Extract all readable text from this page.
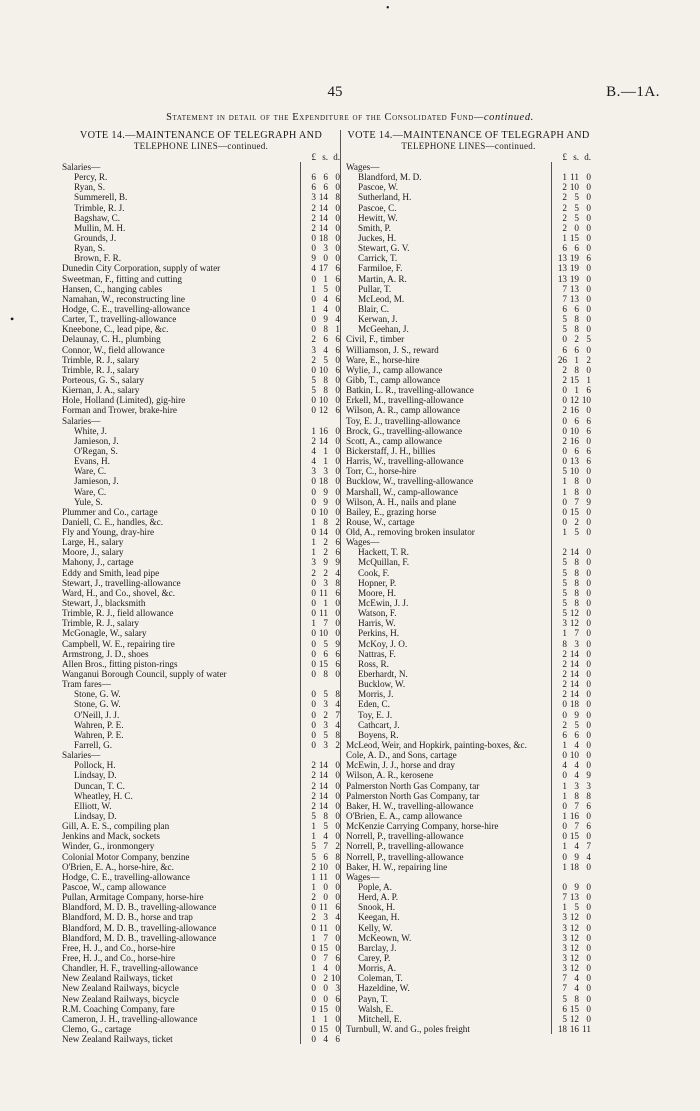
•
•
45	B.—1A.
Statement in detail of the Expenditure of the Consolidated Fund—continued.
VOTE 14.—MAINTENANCE OF TELEGRAPH AND
TELEPHONE LINES—continued.
£ s. d.
Salaries—
Percy, R.	6 6 0
Ryan, S.	6 6 0
Summerell, B.	3 14 8
Trimble, R. J.	2 14 0
Bagshaw, C.	2 14 0
Mullin, M. H.	2 14 0
Grounds, J.	0 18 0
Ryan, S.	0 3 0
Brown, F. R.	9 0 0
Dunedin City Corporation, supply of water	4 17 6
Sweetman, F., fitting and cutting	0 1 6
Hansen, C., hanging cables	1 5 0
Namahan, W., reconstructing line	0 4 6
Hodge, C. E., travelling-allowance	1 4 0
Carter, T., travelling-allowance	0 9 4
Kneebone, C., lead pipe, &c.	0 8 1
Delaunay, C. H., plumbing	2 6 6
Connor, W., field allowance	3 4 6
Trimble, R. J., salary	2 5 0
Trimble, R. J., salary	0 10 6
Porteous, G. S., salary	5 8 0
Kiernan, J. A., salary	5 8 0
Hole, Holland (Limited), gig-hire	0 10 0
Forman and Trower, brake-hire	0 12 6
Salaries—
White, J.	1 16 0
Jamieson, J.	2 14 0
O'Regan, S.	4 1 0
Evans, H.	4 1 0
Ware, C.	3 3 0
Jamieson, J.	0 18 0
Ware, C.	0 9 0
Yule, S.	0 9 0
Plummer and Co., cartage	0 10 0
Daniell, C. E., handles, &c.	1 8 2
Fly and Young, dray-hire	0 14 0
Large, H., salary	1 2 6
Moore, J., salary	1 2 6
Mahony, J., cartage	3 9 9
Eddy and Smith, lead pipe	2 2 4
Stewart, J., travelling-allowance	0 3 8
Ward, H., and Co., shovel, &c.	0 11 6
Stewart, J., blacksmith	0 1 0
Trimble, R. J., field allowance	0 11 0
Trimble, R. J., salary	1 7 0
McGonagle, W., salary	0 10 0
Campbell, W. E., repairing tire	0 5 9
Armstrong, J. D., shoes	0 6 6
Allen Bros., fitting piston-rings	0 15 6
Wanganui Borough Council, supply of water	0 8 0
Tram fares—
Stone, G. W.	0 5 8
Stone, G. W.	0 3 4
O'Neill, J. J.	0 2 7
Wahren, P. E.	0 3 4
Wahren, P. E.	0 5 8
Farrell, G.	0 3 2
Salaries—
Pollock, H.	2 14 0
Lindsay, D.	2 14 0
Duncan, T. C.	2 14 0
Wheatley, H. C.	2 14 0
Elliott, W.	2 14 0
Lindsay, D.	5 8 0
Gill, A. E. S., compiling plan	1 5 0
Jenkins and Mack, sockets	1 4 0
Winder, G., ironmongery	5 7 2
Colonial Motor Company, benzine	5 6 8
O'Brien, E. A., horse-hire, &c.	2 10 0
Hodge, C. E., travelling-allowance	1 11 0
Pascoe, W., camp allowance	1 0 0
Pullan, Armitage Company, horse-hire	2 0 0
Blandford, M. D. B., travelling-allowance	0 11 6
Blandford, M. D. B., horse and trap	2 3 4
Blandford, M. D. B., travelling-allowance	0 11 0
Blandford, M. D. B., travelling-allowance	1 7 0
Free, H. J., and Co., horse-hire	0 15 0
Free, H. J., and Co., horse-hire	0 7 6
Chandler, H. F., travelling-allowance	1 4 0
New Zealand Railways, ticket	0 2 10
New Zealand Railways, bicycle	0 0 3
New Zealand Railways, bicycle	0 0 6
R.M. Coaching Company, fare	0 15 0
Cameron, J. H., travelling-allowance	1 1 0
Clemo, G., cartage	0 15 0
New Zealand Railways, ticket	0 4 6
VOTE 14.—MAINTENANCE OF TELEGRAPH AND
TELEPHONE LINES—continued.
£ s. d.
Wages—
Blandford, M. D.	1 11 0
Pascoe, W.	2 10 0
Sutherland, H.	2 5 0
Pascoe, C.	2 5 0
Hewitt, W.	2 5 0
Smith, P.	2 0 0
Juckes, H.	1 15 0
Stewart, G. V.	6 6 0
Carrick, T.	13 19 6
Farmiloe, F.	13 19 0
Martin, A. R.	13 19 0
Pullar, T.	7 13 0
McLeod, M.	7 13 0
Blair, C.	6 6 0
Kerwan, J.	5 8 0
McGeehan, J.	5 8 0
Civil, F., timber	0 2 5
Williamson, J. S., reward	6 6 0
Ware, E., horse-hire	26 1 2
Wylie, J., camp allowance	2 8 0
Gibb, T., camp allowance	2 15 1
Batkin, L. R., travelling-allowance	0 1 6
Erkell, M., travelling-allowance	0 12 10
Wilson, A. R., camp allowance	2 16 0
Toy, E. J., travelling-allowance	0 6 6
Brock, G., travelling-allowance	0 10 6
Scott, A., camp allowance	2 16 0
Bickerstaff, J. H., billies	0 6 6
Harris, W., travelling-allowance	0 13 6
Torr, C., horse-hire	5 10 0
Bucklow, W., travelling-allowance	1 8 0
Marshall, W., camp-allowance	1 8 0
Wilson, A. H., nails and plane	0 7 9
Bailey, E., grazing horse	0 15 0
Rouse, W., cartage	0 2 0
Old, A., removing broken insulator	1 5 0
Wages—
Hackett, T. R.	2 14 0
McQuillan, F.	5 8 0
Cook, F.	5 8 0
Hopner, P.	5 8 0
Moore, H.	5 8 0
McEwin, J. J.	5 8 0
Watson, F.	5 12 0
Harris, W.	3 12 0
Perkins, H.	1 7 0
McKoy, J. O.	8 3 0
Nattras, F.	2 14 0
Ross, R.	2 14 0
Eberhardt, N.	2 14 0
Bucklow, W.	2 14 0
Morris, J.	2 14 0
Eden, C.	0 18 0
Toy, E. J.	0 9 0
Cathcart, J.	2 5 0
Boyens, R.	6 6 0
McLeod, Weir, and Hopkirk, painting-boxes, &c.	1 4 0
Cole, A. D., and Sons, cartage	0 10 0
McEwin, J. J., horse and dray	4 4 0
Wilson, A. R., kerosene	0 4 9
Palmerston North Gas Company, tar	1 3 3
Palmerston North Gas Company, tar	1 8 8
Baker, H. W., travelling-allowance	0 7 6
O'Brien, E. A., camp allowance	1 16 0
McKenzie Carrying Company, horse-hire	0 7 6
Norrell, P., travelling-allowance	0 15 0
Norrell, P., travelling-allowance	1 4 7
Norrell, P., travelling-allowance	0 9 4
Baker, H. W., repairing line	1 18 0
Wages—
Pople, A.	0 9 0
Herd, A. P.	7 13 0
Snook, H.	1 5 0
Keegan, H.	3 12 0
Kelly, W.	3 12 0
McKeown, W.	3 12 0
Barclay, J.	3 12 0
Carey, P.	3 12 0
Morris, A.	3 12 0
Coleman, T.	7 4 0
Hazeldine, W.	7 4 0
Payn, T.	5 8 0
Walsh, E.	6 15 0
Mitchell, E.	5 12 0
Turnbull, W. and G., poles freight	18 16 11
